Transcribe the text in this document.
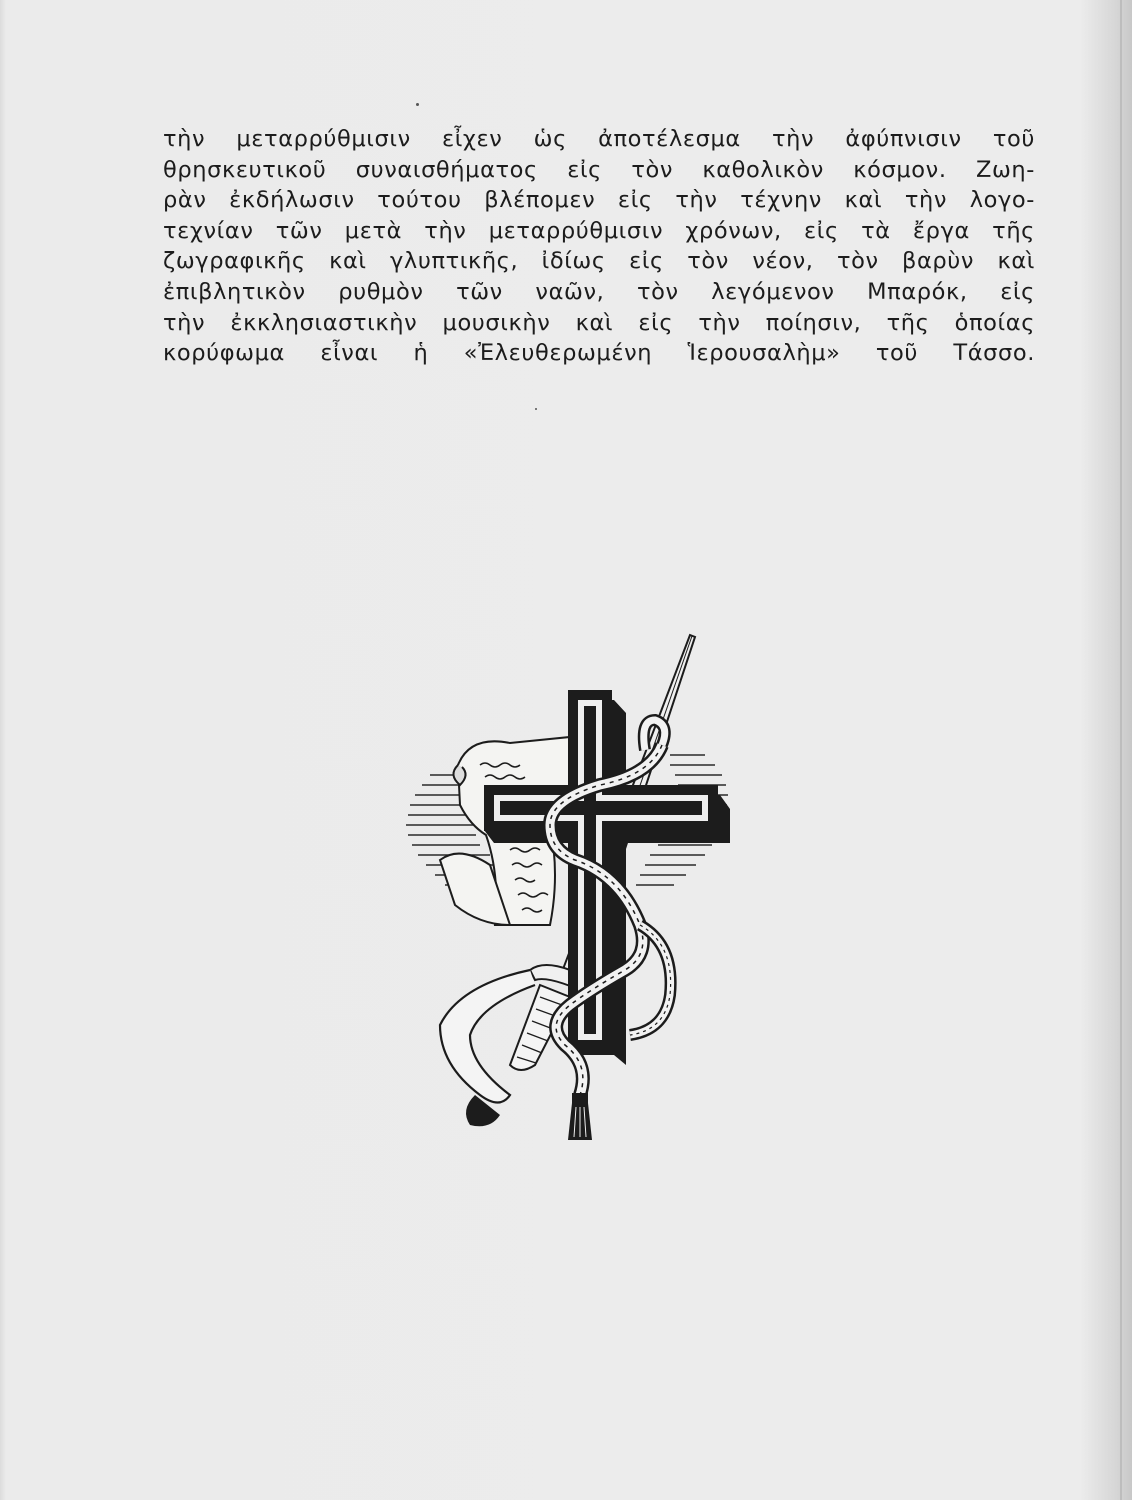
τὴν μεταρρύθμισιν εἶχεν ὡς ἀποτέλεσμα τὴν ἀφύπνισιν τοῦ
θρησκευτικοῦ συναισθήματος εἰς τὸν καθολικὸν κόσμον. Ζωη-
ρὰν ἐκδήλωσιν τούτου βλέπομεν εἰς τὴν τέχνην καὶ τὴν λογο-
τεχνίαν τῶν μετὰ τὴν μεταρρύθμισιν χρόνων, εἰς τὰ ἔργα τῆς
ζωγραφικῆς καὶ γλυπτικῆς, ἰδίως εἰς τὸν νέον, τὸν βαρὺν καὶ
ἐπιβλητικὸν ρυθμὸν τῶν ναῶν, τὸν λεγόμενον Μπαρόκ, εἰς
τὴν ἐκκλησιαστικὴν μουσικὴν καὶ εἰς τὴν ποίησιν, τῆς ὁποίας
κορύφωμα εἶναι ἡ «Ἐλευθερωμένη Ἱερουσαλὴμ» τοῦ Τάσσο.
